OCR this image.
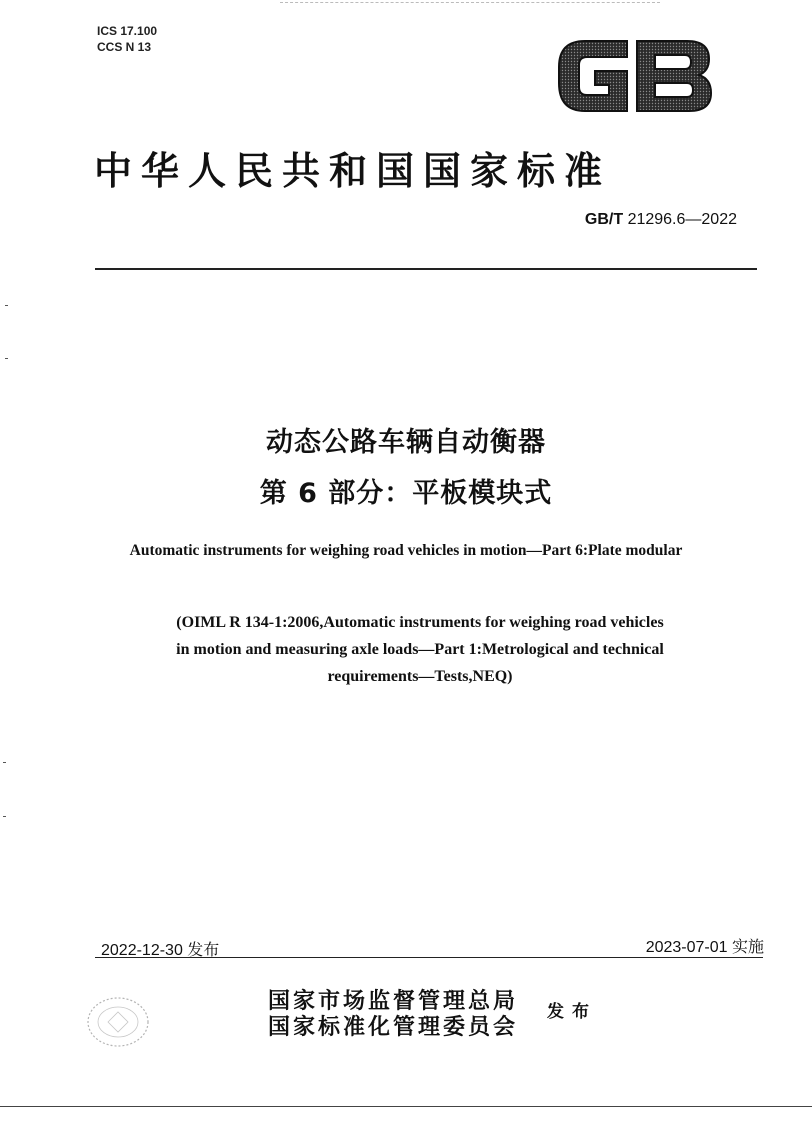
ICS 17.100
CCS N 13
中华人民共和国国家标准
GB/T 21296.6—2022
动态公路车辆自动衡器
第 6 部分：平板模块式
Automatic instruments for weighing road vehicles in motion—Part 6:Plate modular
(OIML R 134-1:2006,Automatic instruments for weighing road vehicles
in motion and measuring axle loads—Part 1:Metrological and technical
requirements—Tests,NEQ)
2022-12-30 发布	2023-07-01 实施
国家市场监督管理总局
国家标准化管理委员会
发布
